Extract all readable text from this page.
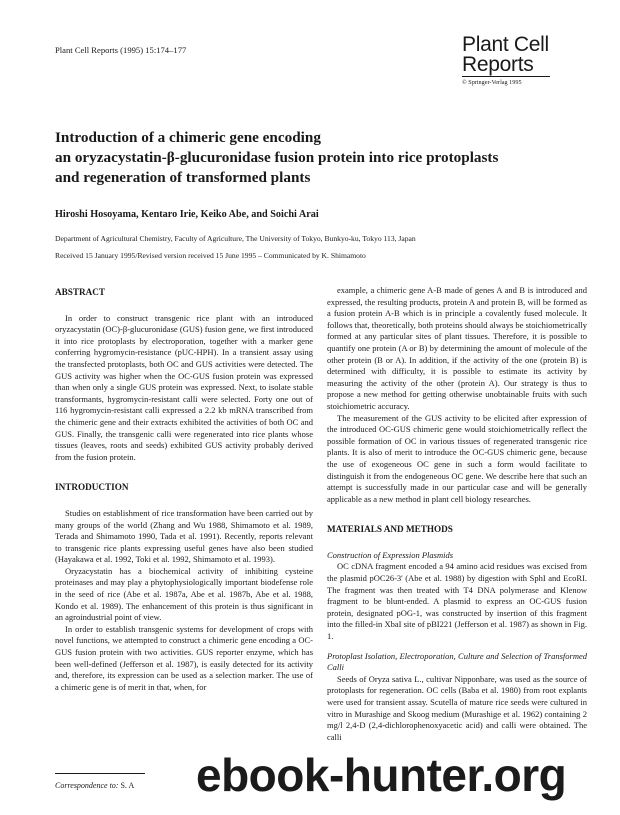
Plant Cell Reports (1995) 15:174–177	Plant Cell
Reports
© Springer-Verlag 1995
Introduction of a chimeric gene encoding
an oryzacystatin-β-glucuronidase fusion protein into rice protoplasts
and regeneration of transformed plants
Hiroshi Hosoyama, Kentaro Irie, Keiko Abe, and Soichi Arai
Department of Agricultural Chemistry, Faculty of Agriculture, The University of Tokyo, Bunkyo-ku, Tokyo 113, Japan
Received 15 January 1995/Revised version received 15 June 1995 – Communicated by K. Shimamoto
ABSTRACT

In order to construct transgenic rice plant with an introduced oryzacystatin (OC)-β-glucuronidase (GUS) fusion gene, we first introduced it into rice protoplasts by electroporation, together with a marker gene conferring hygromycin-resistance (pUC-HPH). In a transient assay using the transfected protoplasts, both OC and GUS activities were detected. The GUS activity was higher when the OC-GUS fusion protein was expressed than when only a single GUS protein was expressed. Next, to isolate stable transformants, hygromycin-resistant calli were selected. Forty one out of 116 hygromycin-resistant calli expressed a 2.2 kb mRNA transcribed from the chimeric gene and their extracts exhibited the activities of both OC and GUS. Finally, the transgenic calli were regenerated into rice plants whose tissues (leaves, roots and seeds) exhibited GUS activity probably derived from the fusion protein.

INTRODUCTION

Studies on establishment of rice transformation have been carried out by many groups of the world (Zhang and Wu 1988, Shimamoto et al. 1989, Terada and Shimamoto 1990, Tada et al. 1991). Recently, reports relevant to transgenic rice plants expressing useful genes have also been studied (Hayakawa et al. 1992, Toki et al. 1992, Shimamoto et al. 1993).

Oryzacystatin has a biochemical activity of inhibiting cysteine proteinases and may play a phytophysiologically important biodefense role in the seed of rice (Abe et al. 1987a, Abe et al. 1987b, Abe et al. 1988, Kondo et al. 1989). The enhancement of this protein is thus significant in an agroindustrial point of view.

In order to establish transgenic systems for development of crops with novel functions, we attempted to construct a chimeric gene encoding a OC-GUS fusion protein with two activities. GUS reporter enzyme, which has been well-defined (Jefferson et al. 1987), is easily detected for its activity and, therefore, its expression can be used as a selection marker. The use of a chimeric gene is of merit in that, when, for

Correspondence to: S. A

example, a chimeric gene A-B made of genes A and B is introduced and expressed, the resulting products, protein A and protein B, will be formed as a fusion protein A-B which is in principle a covalently fused molecule. It follows that, theoretically, both proteins should always be stoichiometrically formed at any particular sites of plant tissues. Therefore, it is possible to quantify one protein (A or B) by determining the amount of molecule of the other protein (B or A). In addition, if the activity of the one (protein B) is determined with difficulty, it is possible to estimate its activity by measuring the activity of the other (protein A). Our strategy is thus to propose a new method for getting otherwise unobtainable fruits with such stoichiometric accuracy.

The measurement of the GUS activity to be elicited after expression of the introduced OC-GUS chimeric gene would stoichiometrically reflect the possible formation of OC in various tissues of regenerated transgenic rice plants. It is also of merit to introduce the OC-GUS chimeric gene, because the use of exogeneous OC gene in such a form would facilitate to distinguish it from the endogeneous OC gene. We describe here that such an attempt is successfully made in our particular case and will be generally applicable as a new method in plant cell biology researches.

MATERIALS AND METHODS

Construction of Expression Plasmids

OC cDNA fragment encoded a 94 amino acid residues was excised from the plasmid pOC26-3' (Abe et al. 1988) by digestion with SphI and EcoRI. The fragment was then treated with T4 DNA polymerase and Klenow fragment to be blunt-ended. A plasmid to express an OC-GUS fusion protein, designated pOG-1, was constructed by insertion of this fragment into the filled-in XbaI site of pBI221 (Jefferson et al. 1987) as shown in Fig. 1.

Protoplast Isolation, Electroporation, Culture and Selection of Transformed Calli

Seeds of Oryza sativa L., cultivar Nipponbare, was used as the source of protoplasts for regeneration. OC cells (Baba et al. 1980) from root explants were used for transient assay. Scutella of mature rice seeds were cultured in vitro in Murashige and Skoog medium (Murashige et al. 1962) containing 2 mg/l 2,4-D (2,4-dichlorophenoxyacetic acid) and calli were obtained. The calli

ebook-hunter.org
